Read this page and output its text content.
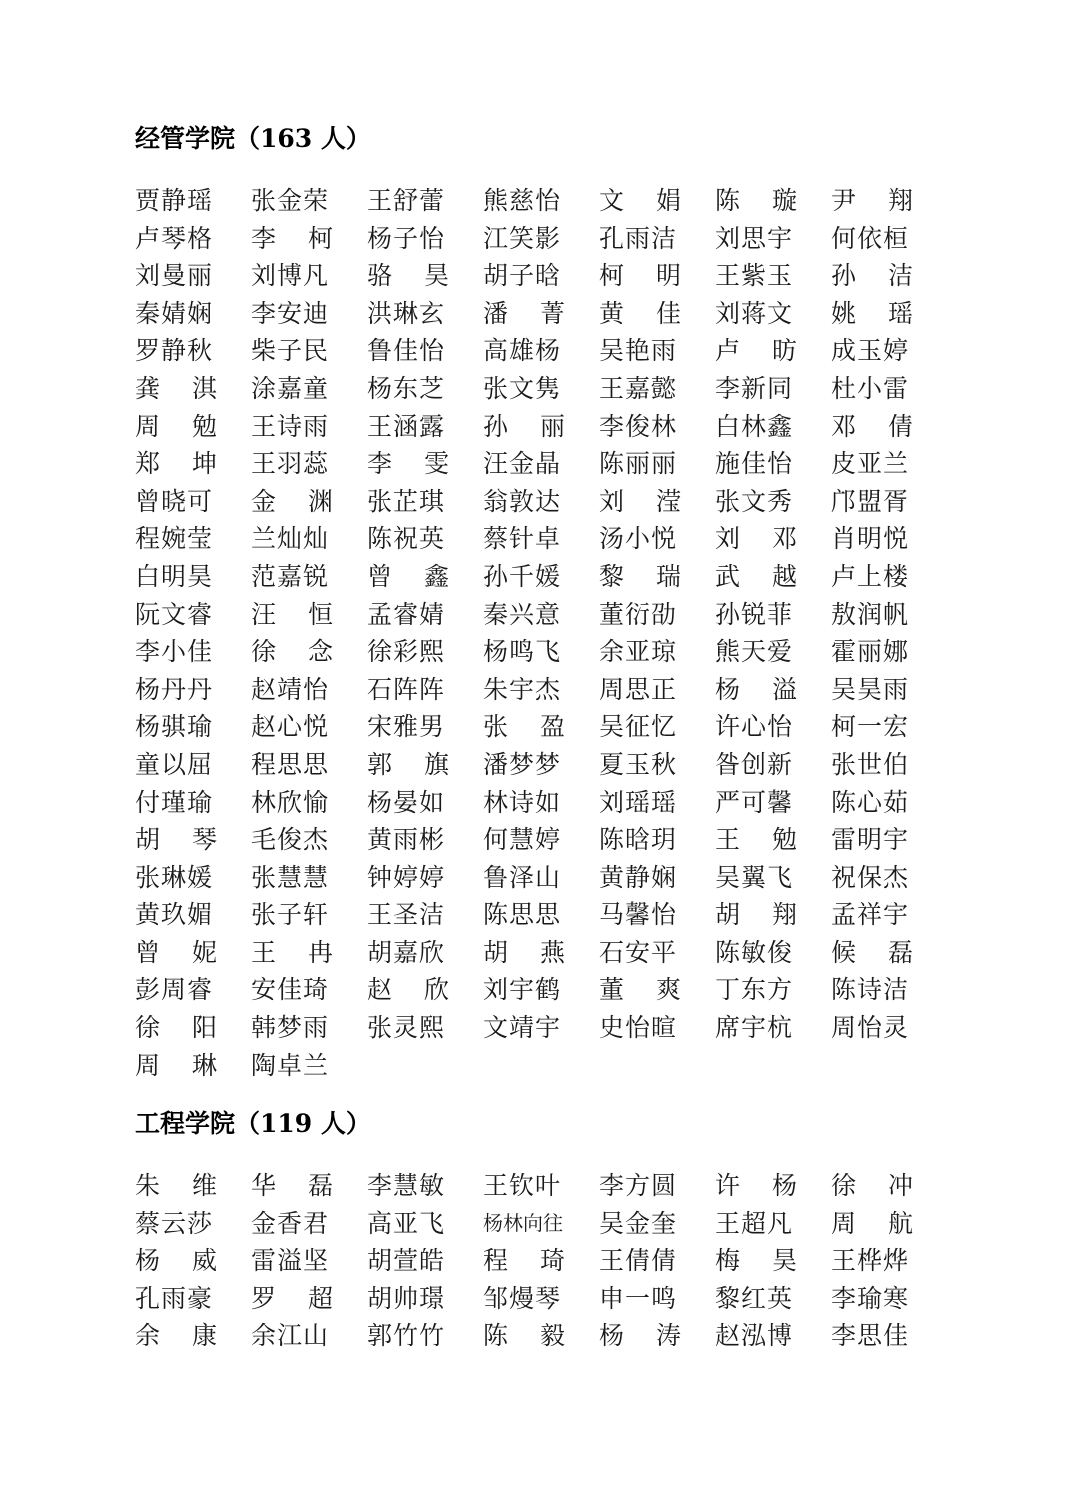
经管学院（163 人）
贾静瑶 张金荣 王舒蕾 熊慈怡 文 娟 陈 璇 尹 翔
卢琴格 李 柯 杨子怡 江笑影 孔雨洁 刘思宇 何依桓
刘曼丽 刘博凡 骆 昊 胡子晗 柯 明 王紫玉 孙 洁
秦婧娴 李安迪 洪琳玄 潘 菁 黄 佳 刘蒋文 姚 瑶
罗静秋 柴子民 鲁佳怡 高雄杨 吴艳雨 卢 昉 成玉婷
龚 淇 涂嘉童 杨东芝 张文隽 王嘉懿 李新同 杜小雷
周 勉 王诗雨 王涵露 孙 丽 李俊林 白林鑫 邓 倩
郑 坤 王羽蕊 李 雯 汪金晶 陈丽丽 施佳怡 皮亚兰
曾晓可 金 渊 张芷琪 翁敦达 刘 滢 张文秀 邝盟胥
程婉莹 兰灿灿 陈祝英 蔡针卓 汤小悦 刘 邓 肖明悦
白明昊 范嘉锐 曾 鑫 孙千媛 黎 瑞 武 越 卢上楼
阮文睿 汪 恒 孟睿婧 秦兴意 董衍劭 孙锐菲 敖润帆
李小佳 徐 念 徐彩熙 杨鸣飞 余亚琼 熊天爱 霍丽娜
杨丹丹 赵靖怡 石阵阵 朱宇杰 周思正 杨 溢 吴昊雨
杨骐瑜 赵心悦 宋雅男 张 盈 吴征忆 许心怡 柯一宏
童以屈 程思思 郭 旗 潘梦梦 夏玉秋 昝创新 张世伯
付瑾瑜 林欣愉 杨晏如 林诗如 刘瑶瑶 严可馨 陈心茹
胡 琴 毛俊杰 黄雨彬 何慧婷 陈晗玥 王 勉 雷明宇
张琳媛 张慧慧 钟婷婷 鲁泽山 黄静娴 吴翼飞 祝保杰
黄玖媚 张子轩 王圣洁 陈思思 马馨怡 胡 翔 孟祥宇
曾 妮 王 冉 胡嘉欣 胡 燕 石安平 陈敏俊 候 磊
彭周睿 安佳琦 赵 欣 刘宇鹤 董 爽 丁东方 陈诗洁
徐 阳 韩梦雨 张灵熙 文靖宇 史怡暄 席宇杭 周怡灵
周 琳 陶卓兰
工程学院（119 人）
朱 维 华 磊 李慧敏 王钦叶 李方圆 许 杨 徐 冲
蔡云莎 金香君 高亚飞 杨林向往 吴金奎 王超凡 周 航
杨 威 雷溢坚 胡萱皓 程 琦 王倩倩 梅 昊 王桦烨
孔雨豪 罗 超 胡帅璟 邹熳琴 申一鸣 黎红英 李瑜寒
余 康 余江山 郭竹竹 陈 毅 杨 涛 赵泓博 李思佳
